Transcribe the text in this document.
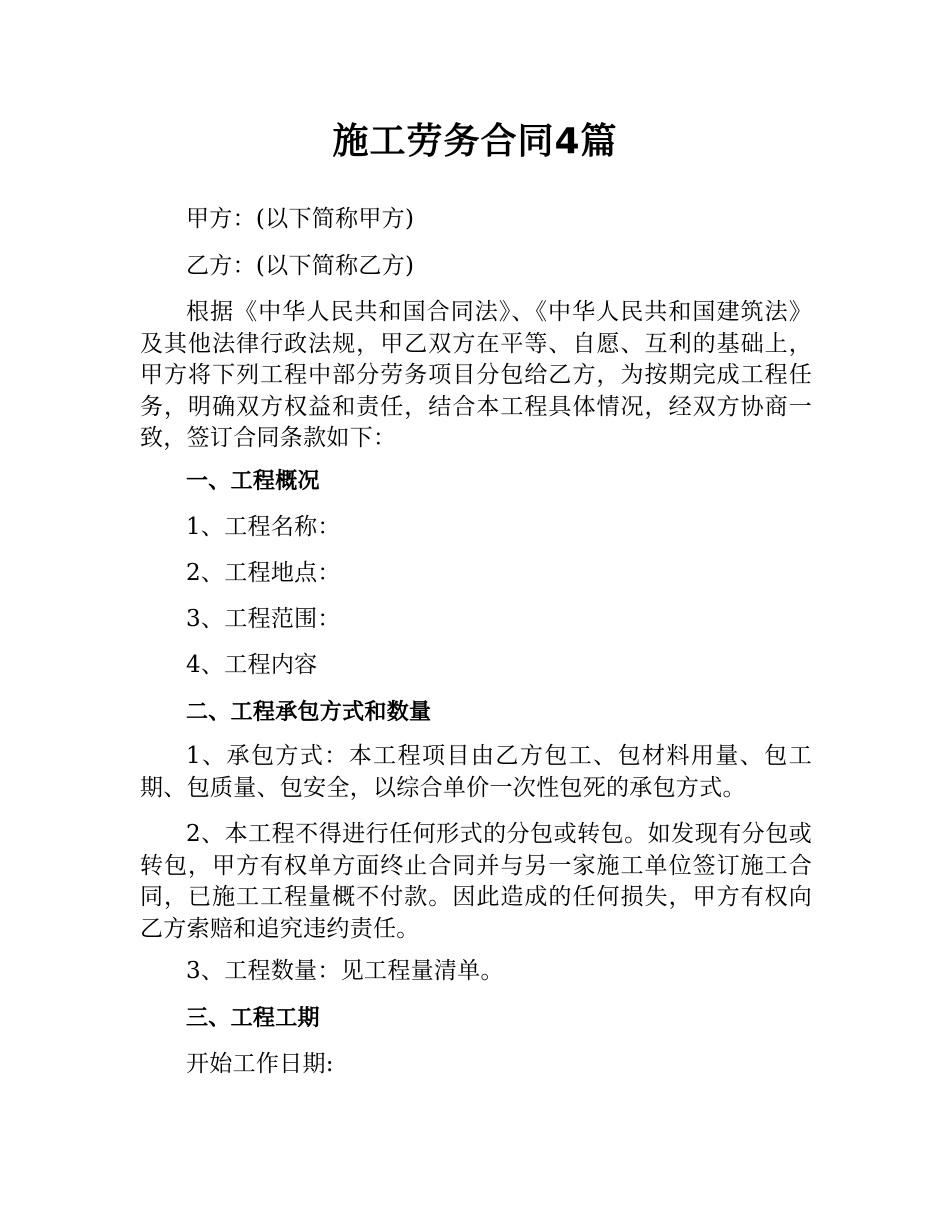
施工劳务合同4篇
甲方：(以下简称甲方)
乙方：(以下简称乙方)
根据《中华人民共和国合同法》、《中华人民共和国建筑法》及其他法律行政法规，甲乙双方在平等、自愿、互利的基础上，甲方将下列工程中部分劳务项目分包给乙方，为按期完成工程任务，明确双方权益和责任，结合本工程具体情况，经双方协商一致，签订合同条款如下：
一、工程概况
1、工程名称：
2、工程地点：
3、工程范围：
4、工程内容
二、工程承包方式和数量
1、承包方式：本工程项目由乙方包工、包材料用量、包工期、包质量、包安全，以综合单价一次性包死的承包方式。
2、本工程不得进行任何形式的分包或转包。如发现有分包或转包，甲方有权单方面终止合同并与另一家施工单位签订施工合同，已施工工程量概不付款。因此造成的任何损失，甲方有权向乙方索赔和追究违约责任。
3、工程数量：见工程量清单。
三、工程工期
开始工作日期:
